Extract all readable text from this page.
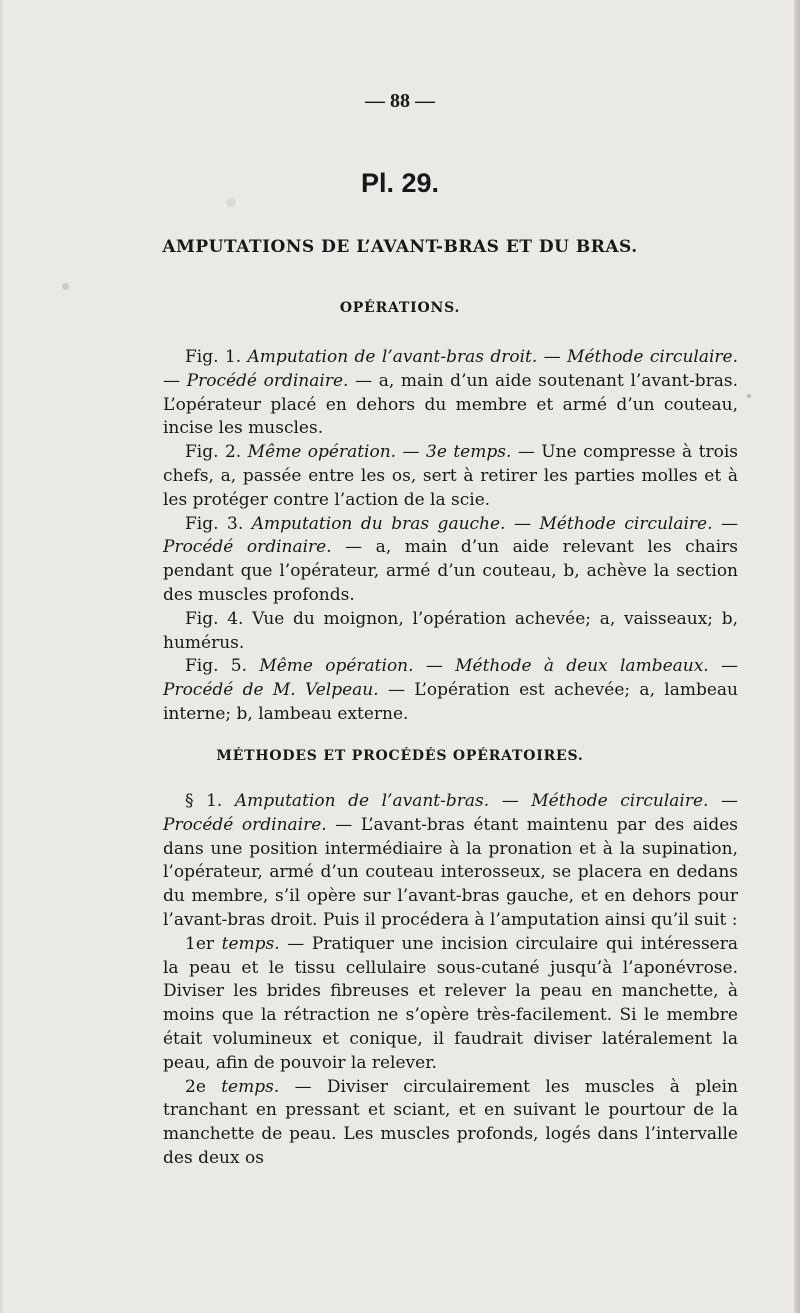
— 88 —
Pl. 29.
AMPUTATIONS DE L’AVANT-BRAS ET DU BRAS.
OPÉRATIONS.

Fig. 1. Amputation de l’avant-bras droit. — Méthode circulaire. — Procédé ordinaire. — a, main d’un aide soutenant l’avant-bras. L’opérateur placé en dehors du membre et armé d’un couteau, incise les muscles.

Fig. 2. Même opération. — 3e temps. — Une compresse à trois chefs, a, passée entre les os, sert à retirer les parties molles et à les protéger contre l’action de la scie.

Fig. 3. Amputation du bras gauche. — Méthode circulaire. — Procédé ordinaire. — a, main d’un aide relevant les chairs pendant que l’opérateur, armé d’un couteau, b, achève la section des muscles profonds.

Fig. 4. Vue du moignon, l’opération achevée; a, vaisseaux; b, humérus.

Fig. 5. Même opération. — Méthode à deux lambeaux. — Procédé de M. Velpeau. — L’opération est achevée; a, lambeau interne; b, lambeau externe.

MÉTHODES ET PROCÉDÉS OPÉRATOIRES.

§ 1. Amputation de l’avant-bras. — Méthode circulaire. — Procédé ordinaire. — L’avant-bras étant maintenu par des aides dans une position intermédiaire à la pronation et à la supination, l’opérateur, armé d’un couteau interosseux, se placera en dedans du membre, s’il opère sur l’avant-bras gauche, et en dehors pour l’avant-bras droit. Puis il procédera à l’amputation ainsi qu’il suit :

1er temps. — Pratiquer une incision circulaire qui intéressera la peau et le tissu cellulaire sous-cutané jusqu’à l’aponévrose. Diviser les brides fibreuses et relever la peau en manchette, à moins que la rétraction ne s’opère très-facilement. Si le membre était volumineux et conique, il faudrait diviser latéralement la peau, afin de pouvoir la relever.

2e temps. — Diviser circulairement les muscles à plein tranchant en pressant et sciant, et en suivant le pourtour de la manchette de peau. Les muscles profonds, logés dans l’intervalle des deux os
